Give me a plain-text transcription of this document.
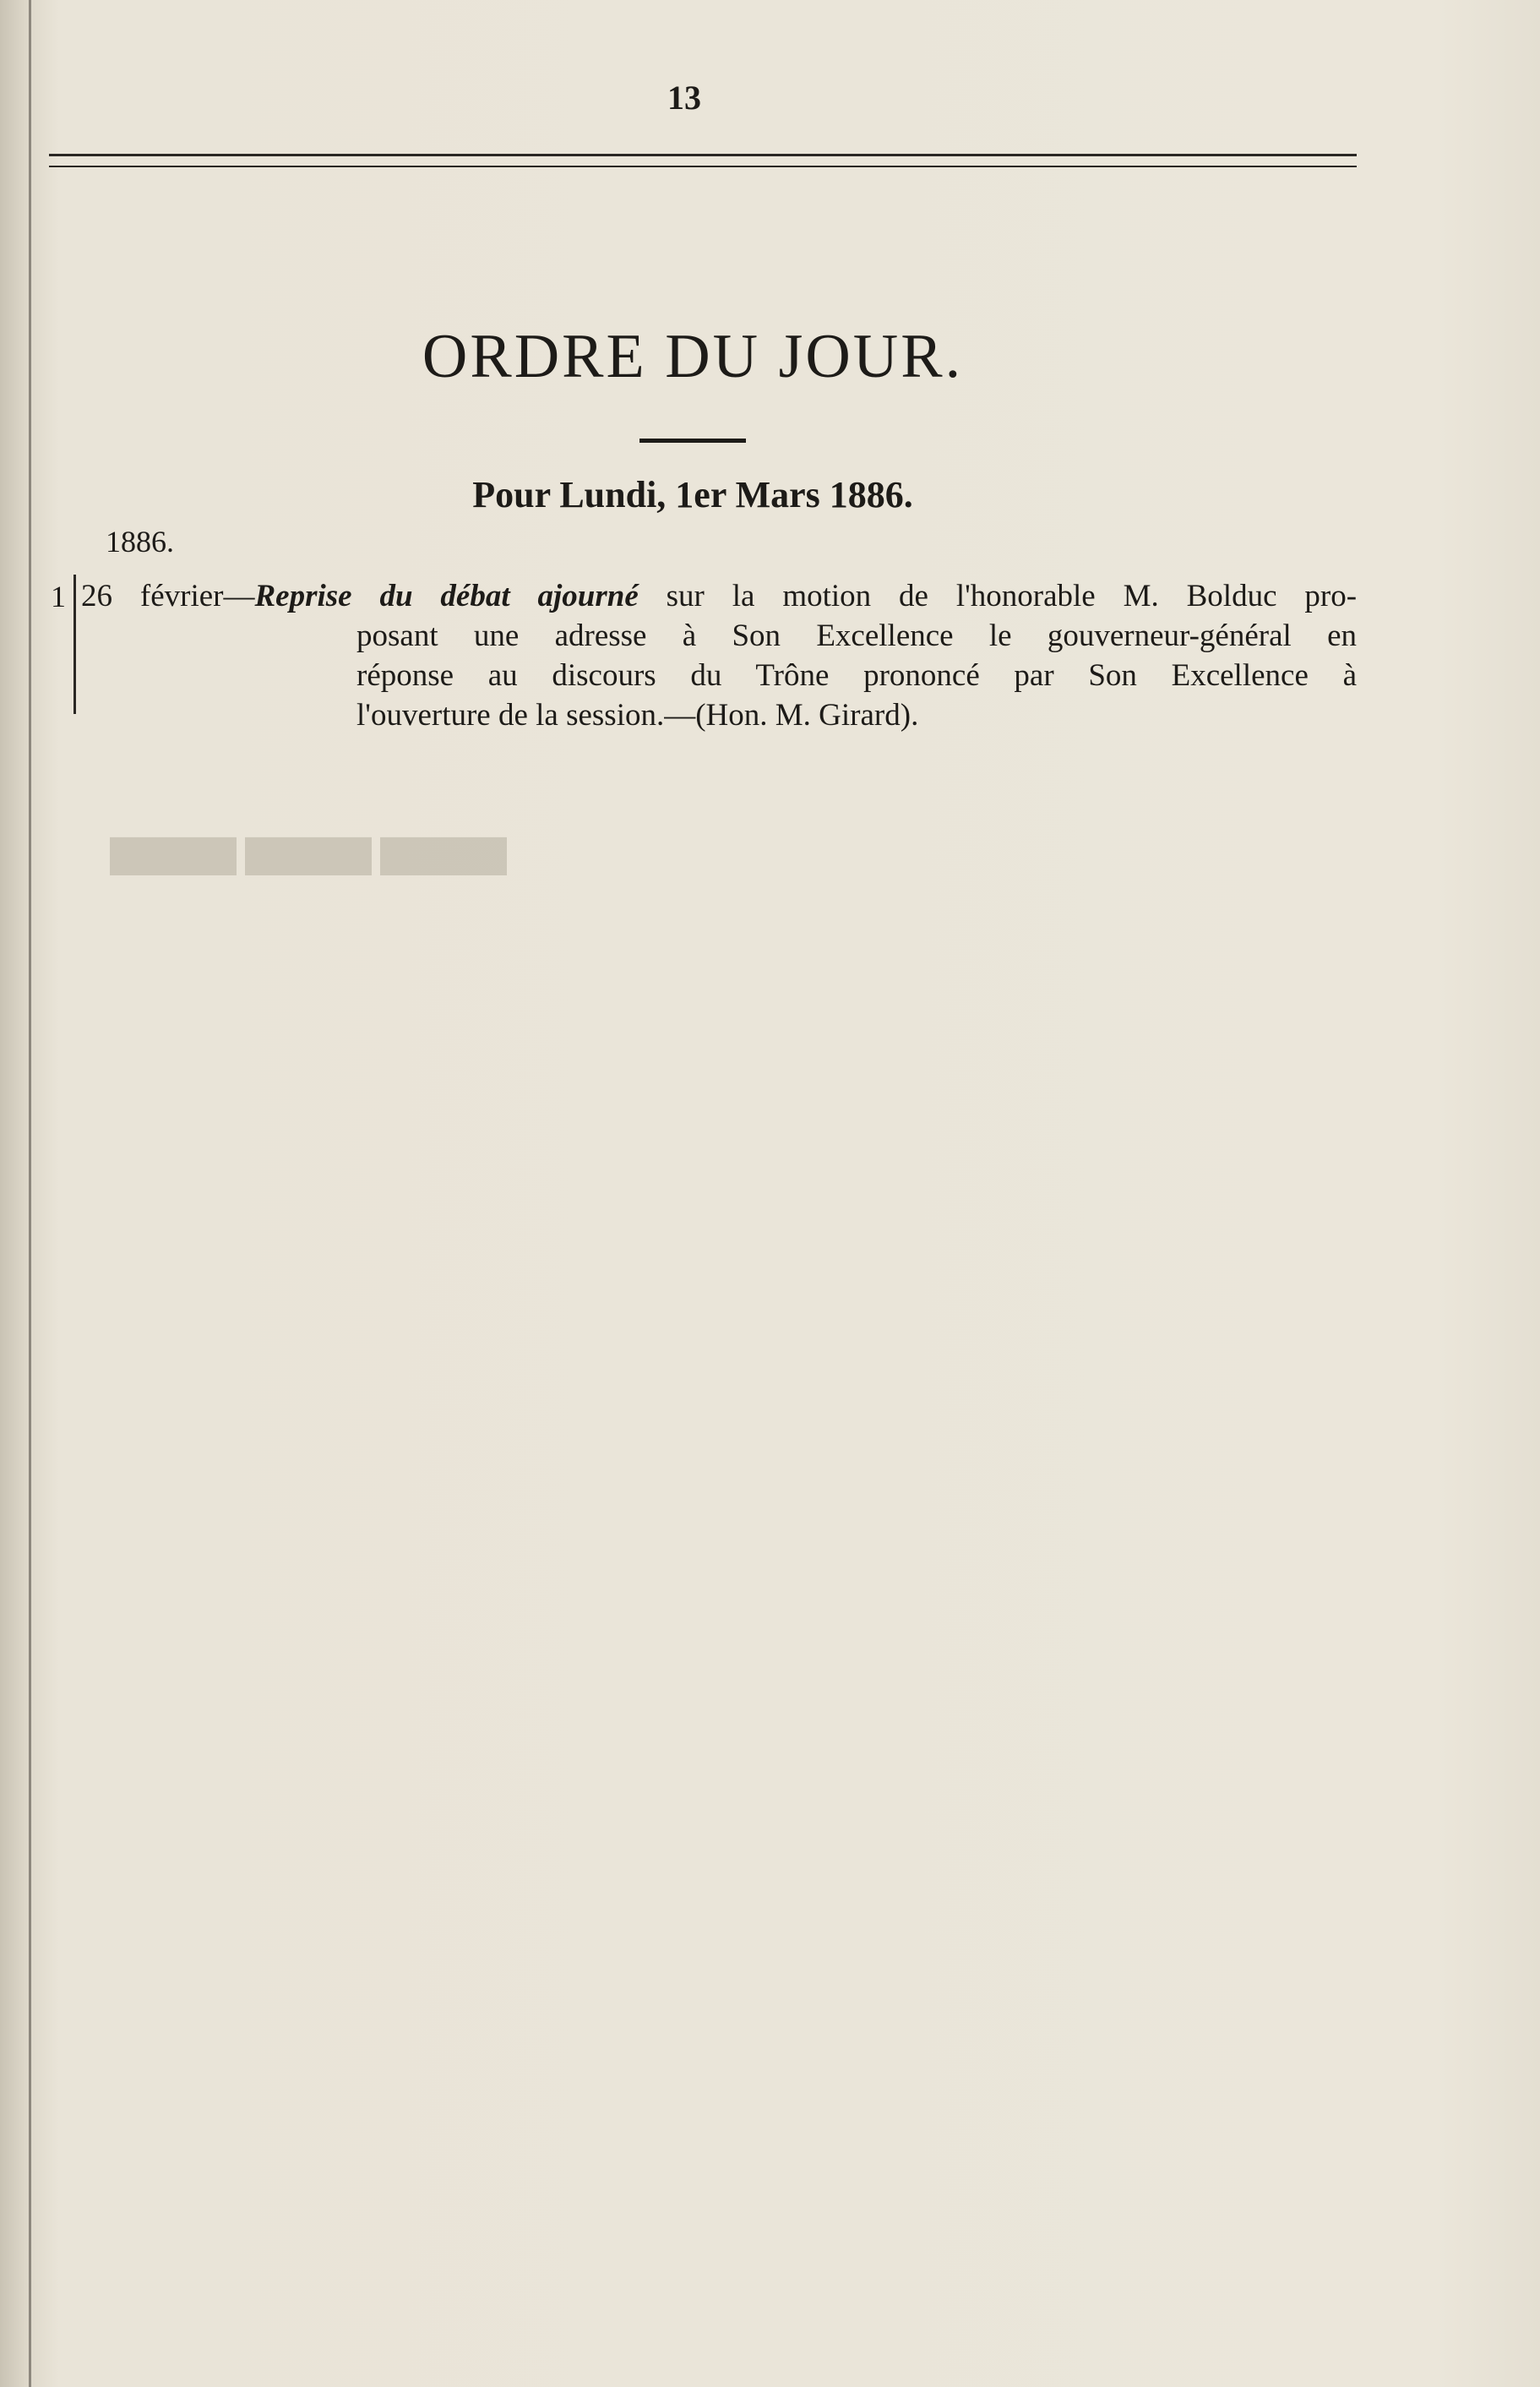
▬▬▬
13
ORDRE DU JOUR.
Pour Lundi, 1er Mars 1886.
1886.
1 26 février—Reprise du débat ajourné sur la motion de l'honorable M. Bolduc pro-
posant une adresse à Son Excellence le gouverneur-général en
réponse au discours du Trône prononcé par Son Excellence à
l'ouverture de la session.—(Hon. M. Girard).
